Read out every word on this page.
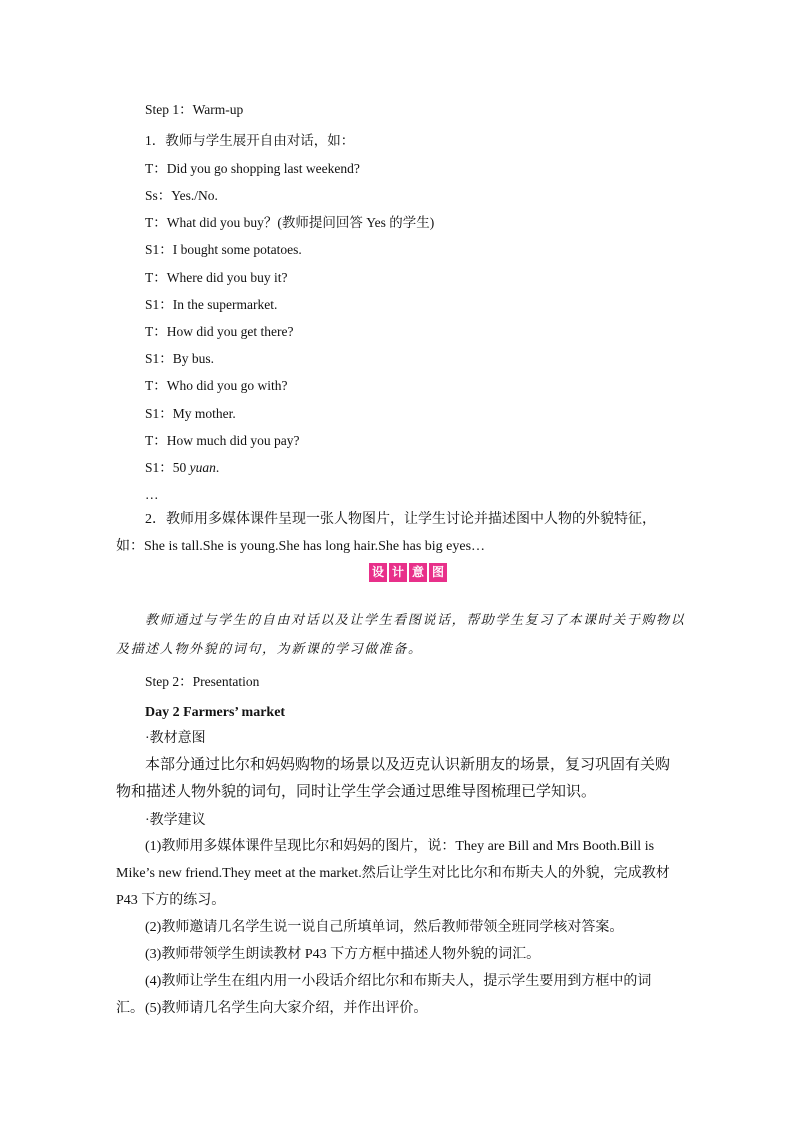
Step 1：Warm-up
1．教师与学生展开自由对话，如：
T：Did you go shopping last weekend?
Ss：Yes./No.
T：What did you buy？(教师提问回答 Yes 的学生)
S1：I bought some potatoes.
T：Where did you buy it?
S1：In the supermarket.
T：How did you get there?
S1：By bus.
T：Who did you go with?
S1：My mother.
T：How much did you pay?
S1：50 yuan.
…
2．教师用多媒体课件呈现一张人物图片，让学生讨论并描述图中人物的外貌特征，如：She is tall.She is young.She has long hair.She has big eyes…
设 计 意 图
教师通过与学生的自由对话以及让学生看图说话，帮助学生复习了本课时关于购物以及描述人物外貌的词句，为新课的学习做准备。
Step 2：Presentation
Day 2 Farmers’ market
·教材意图
本部分通过比尔和妈妈购物的场景以及迈克认识新朋友的场景，复习巩固有关购物和描述人物外貌的词句，同时让学生学会通过思维导图梳理已学知识。
·教学建议
(1)教师用多媒体课件呈现比尔和妈妈的图片，说：They are Bill and Mrs Booth.Bill is Mike’s new friend.They meet at the market.然后让学生对比比尔和布斯夫人的外貌，完成教材 P43 下方的练习。
(2)教师邀请几名学生说一说自己所填单词，然后教师带领全班同学核对答案。
(3)教师带领学生朗读教材 P43 下方方框中描述人物外貌的词汇。
(4)教师让学生在组内用一小段话介绍比尔和布斯夫人，提示学生要用到方框中的词汇。 (5)教师请几名学生向大家介绍，并作出评价。
